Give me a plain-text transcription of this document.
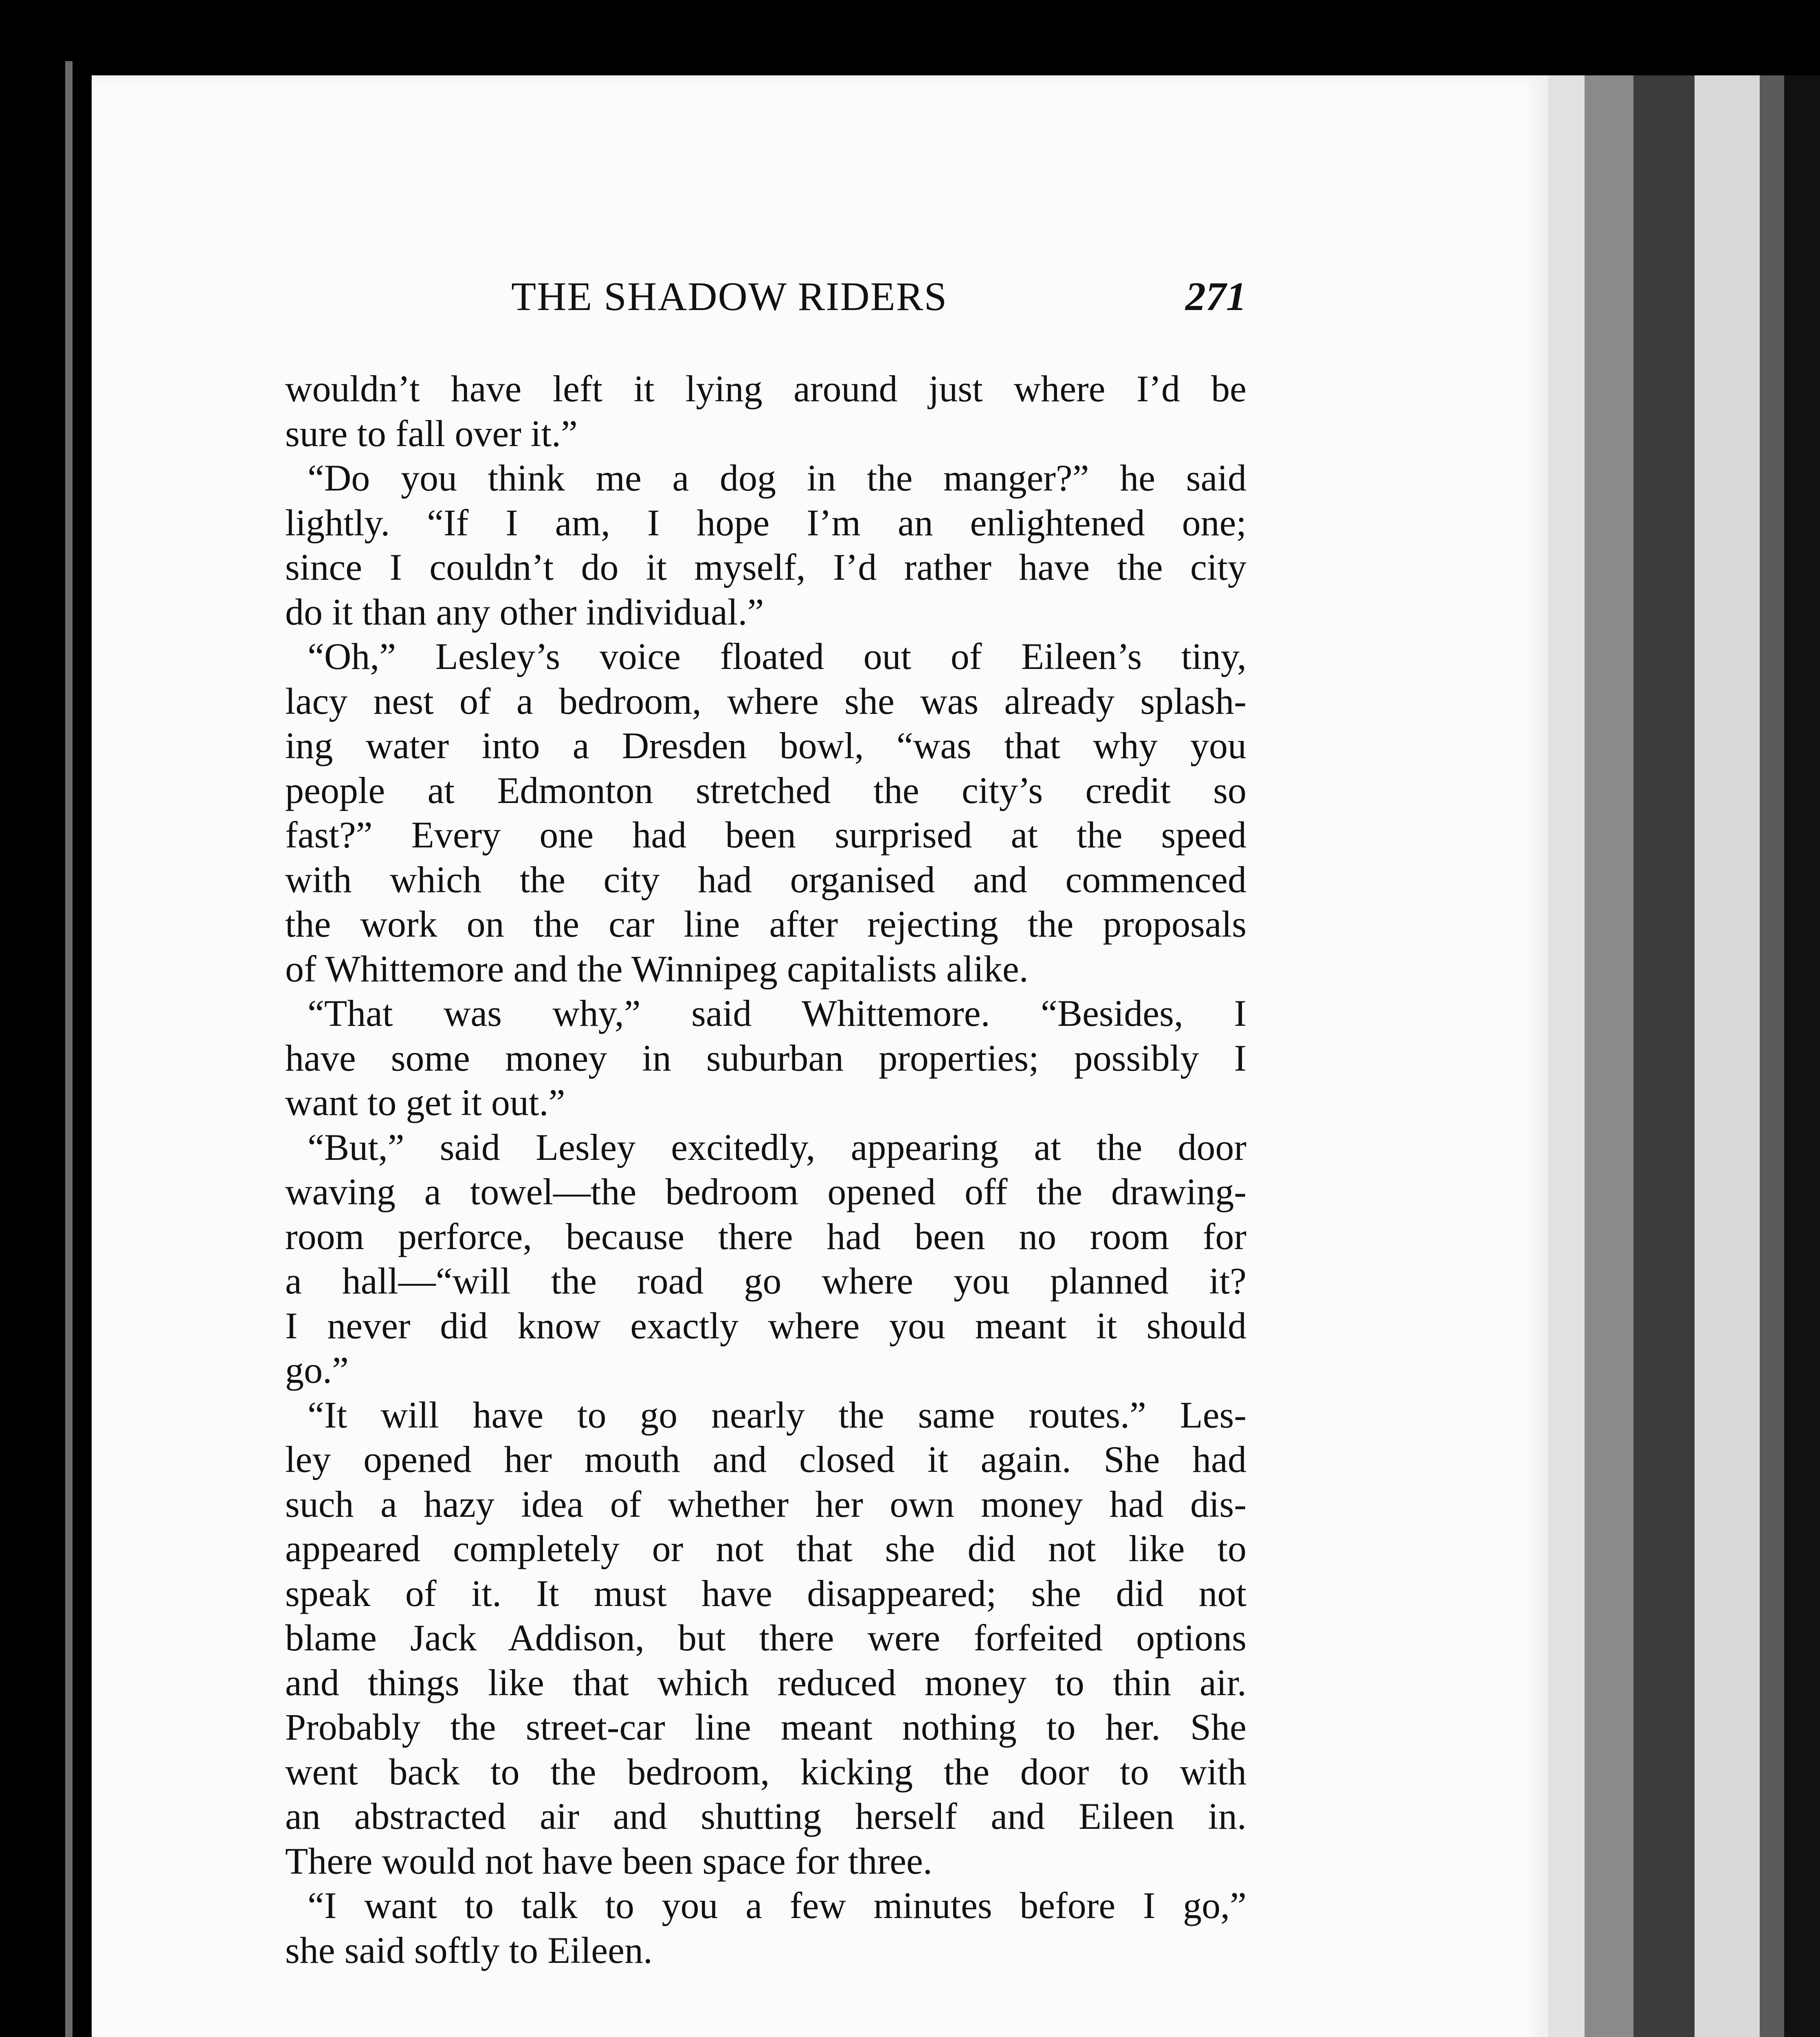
THE SHADOW RIDERS	271
wouldn’t have left it lying around just where I’d be
sure to fall over it.”
“Do you think me a dog in the manger?” he said
lightly. “If I am, I hope I’m an enlightened one;
since I couldn’t do it myself, I’d rather have the city
do it than any other individual.”
“Oh,” Lesley’s voice floated out of Eileen’s tiny,
lacy nest of a bedroom, where she was already splash-
ing water into a Dresden bowl, “was that why you
people at Edmonton stretched the city’s credit so
fast?” Every one had been surprised at the speed
with which the city had organised and commenced
the work on the car line after rejecting the proposals
of Whittemore and the Winnipeg capitalists alike.
“That was why,” said Whittemore. “Besides, I
have some money in suburban properties; possibly I
want to get it out.”
“But,” said Lesley excitedly, appearing at the door
waving a towel—the bedroom opened off the drawing-
room perforce, because there had been no room for
a hall—“will the road go where you planned it?
I never did know exactly where you meant it should
go.”
“It will have to go nearly the same routes.” Les-
ley opened her mouth and closed it again. She had
such a hazy idea of whether her own money had dis-
appeared completely or not that she did not like to
speak of it. It must have disappeared; she did not
blame Jack Addison, but there were forfeited options
and things like that which reduced money to thin air.
Probably the street-car line meant nothing to her. She
went back to the bedroom, kicking the door to with
an abstracted air and shutting herself and Eileen in.
There would not have been space for three.
“I want to talk to you a few minutes before I go,”
she said softly to Eileen.
